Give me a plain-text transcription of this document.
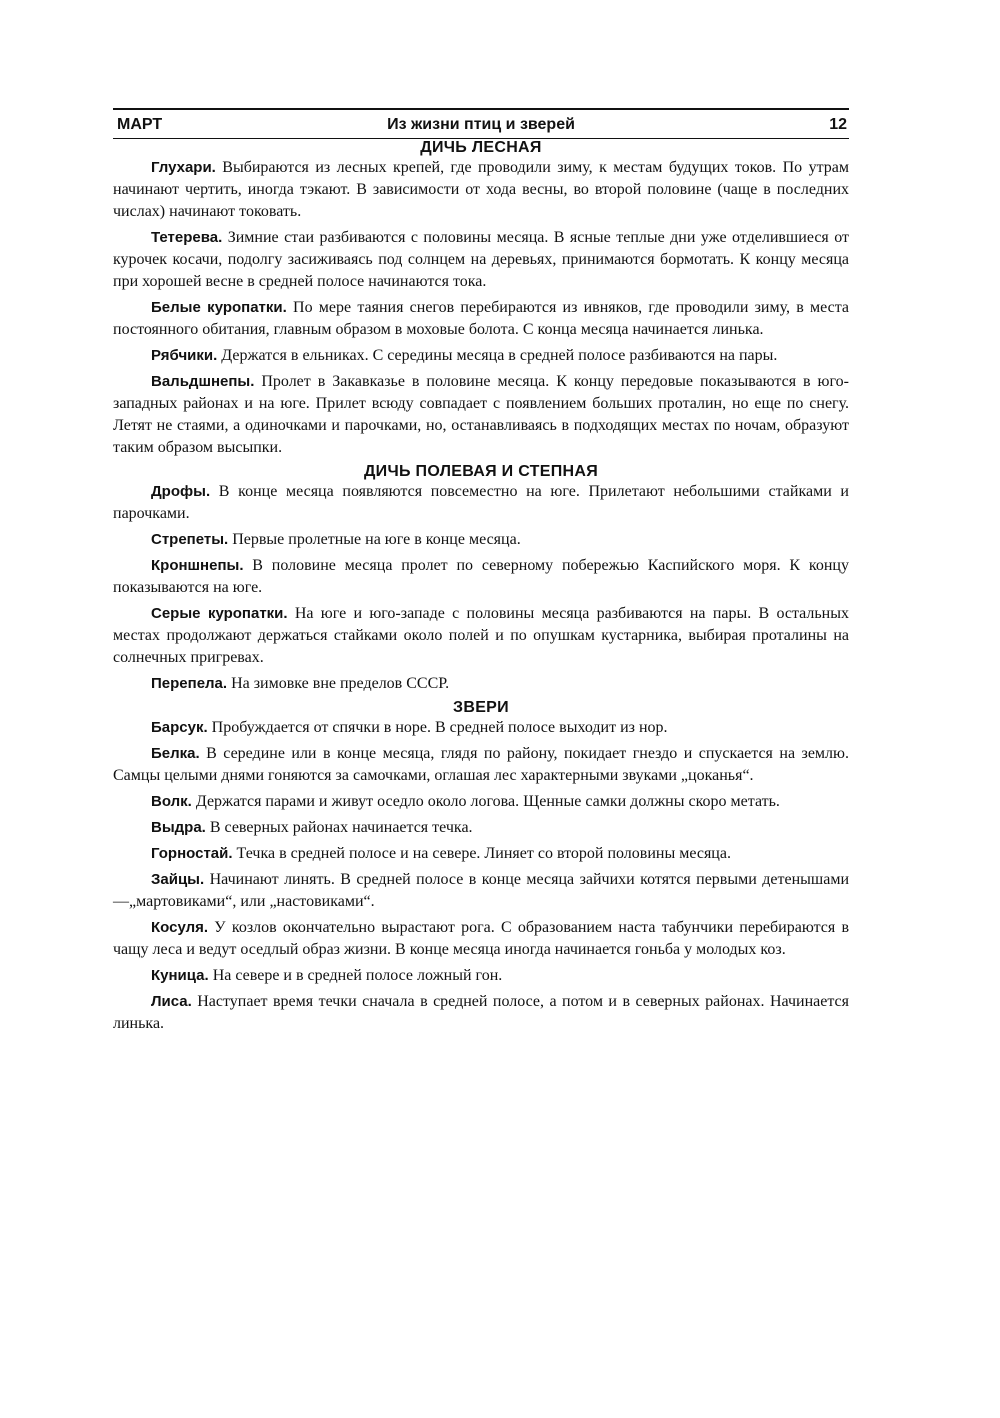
МАРТ	Из жизни птиц и зверей	12
ДИЧЬ ЛЕСНАЯ

Глухари. Выбираются из лесных крепей, где проводили зиму, к местам будущих токов. По утрам начинают чертить, иногда тэкают. В зависимости от хода весны, во второй половине (чаще в последних числах) начинают токовать.

Тетерева. Зимние стаи разбиваются с половины месяца. В ясные теплые дни уже отделившиеся от курочек косачи, подолгу засиживаясь под солнцем на деревьях, принимаются бормотать. К концу месяца при хорошей весне в средней полосе начинаются тока.

Белые куропатки. По мере таяния снегов перебираются из ивняков, где проводили зиму, в места постоянного обитания, главным образом в моховые болота. С конца месяца начинается линька.

Рябчики. Держатся в ельниках. С середины месяца в средней полосе разбиваются на пары.

Вальдшнепы. Пролет в Закавказье в половине месяца. К концу передовые показываются в юго-западных районах и на юге. Прилет всюду совпадает с появлением больших проталин, но еще по снегу. Летят не стаями, а одиночками и парочками, но, останавливаясь в подходящих местах по ночам, образуют таким образом высыпки.

ДИЧЬ ПОЛЕВАЯ И СТЕПНАЯ

Дрофы. В конце месяца появляются повсеместно на юге. Прилетают небольшими стайками и парочками.

Стрепеты. Первые пролетные на юге в конце месяца.

Кроншнепы. В половине месяца пролет по северному побережью Каспийского моря. К концу показываются на юге.

Серые куропатки. На юге и юго-западе с половины месяца разбиваются на пары. В остальных местах продолжают держаться стайками около полей и по опушкам кустарника, выбирая проталины на солнечных пригревах.

Перепела. На зимовке вне пределов СССР.

ЗВЕРИ

Барсук. Пробуждается от спячки в норе. В средней полосе выходит из нор.

Белка. В середине или в конце месяца, глядя по району, покидает гнездо и спускается на землю. Самцы целыми днями гоняются за самочками, оглашая лес характерными звуками „цоканья“.

Волк. Держатся парами и живут оседло около логова. Щенные самки должны скоро метать.

Выдра. В северных районах начинается течка.

Горностай. Течка в средней полосе и на севере. Линяет со второй половины месяца.

Зайцы. Начинают линять. В средней полосе в конце месяца зайчихи котятся первыми детенышами —„мартовиками“, или „настовиками“.

Косуля. У козлов окончательно вырастают рога. С образованием наста табунчики перебираются в чащу леса и ведут оседлый образ жизни. В конце месяца иногда начинается гоньба у молодых коз.

Куница. На севере и в средней полосе ложный гон.

Лиса. Наступает время течки сначала в средней полосе, а потом и в северных районах. Начинается линька.
